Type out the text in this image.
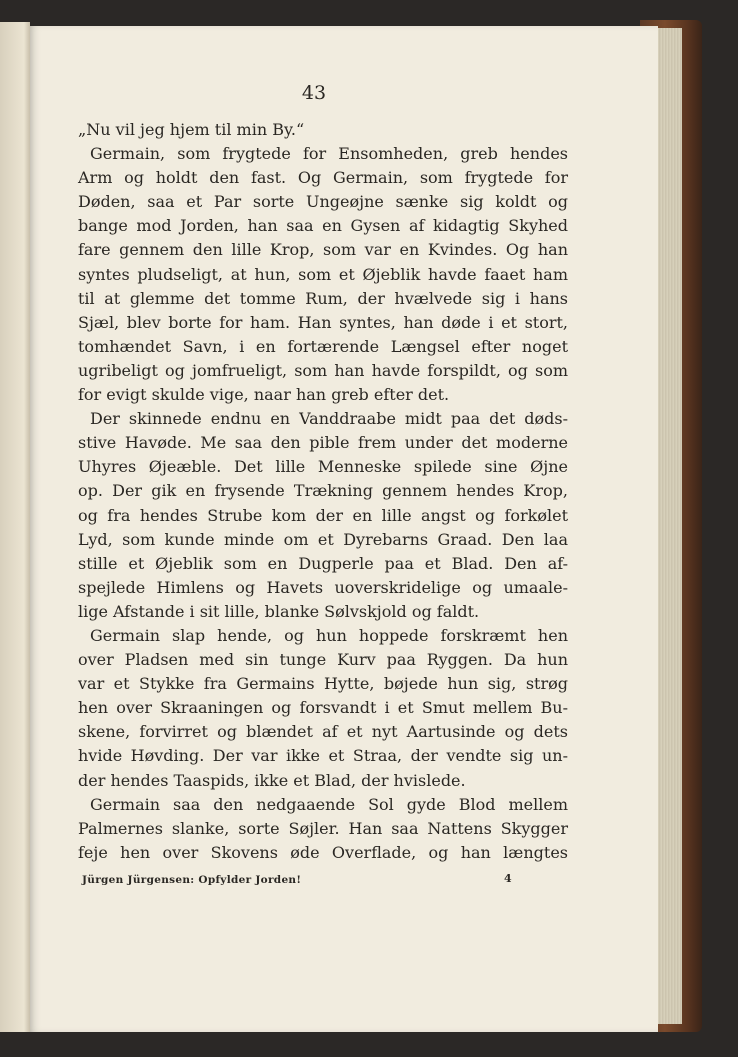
43
„Nu vil jeg hjem til min By.“
Germain, som frygtede for Ensomheden, greb hendes
Arm og holdt den fast. Og Germain, som frygtede for
Døden, saa et Par sorte Ungeøjne sænke sig koldt og
bange mod Jorden, han saa en Gysen af kidagtig Skyhed
fare gennem den lille Krop, som var en Kvindes. Og han
syntes pludseligt, at hun, som et Øjeblik havde faaet ham
til at glemme det tomme Rum, der hvælvede sig i hans
Sjæl, blev borte for ham. Han syntes, han døde i et stort,
tomhændet Savn, i en fortærende Længsel efter noget
ugribeligt og jomfrueligt, som han havde forspildt, og som
for evigt skulde vige, naar han greb efter det.
Der skinnede endnu en Vanddraabe midt paa det døds-
stive Havøde. Me saa den pible frem under det moderne
Uhyres Øjeæble. Det lille Menneske spilede sine Øjne
op. Der gik en frysende Trækning gennem hendes Krop,
og fra hendes Strube kom der en lille angst og forkølet
Lyd, som kunde minde om et Dyrebarns Graad. Den laa
stille et Øjeblik som en Dugperle paa et Blad. Den af-
spejlede Himlens og Havets uoverskridelige og umaale-
lige Afstande i sit lille, blanke Sølvskjold og faldt.
Germain slap hende, og hun hoppede forskræmt hen
over Pladsen med sin tunge Kurv paa Ryggen. Da hun
var et Stykke fra Germains Hytte, bøjede hun sig, strøg
hen over Skraaningen og forsvandt i et Smut mellem Bu-
skene, forvirret og blændet af et nyt Aartusinde og dets
hvide Høvding. Der var ikke et Straa, der vendte sig un-
der hendes Taaspids, ikke et Blad, der hvislede.
Germain saa den nedgaaende Sol gyde Blod mellem
Palmernes slanke, sorte Søjler. Han saa Nattens Skygger
feje hen over Skovens øde Overflade, og han længtes
Jürgen Jürgensen: Opfylder Jorden!	4
